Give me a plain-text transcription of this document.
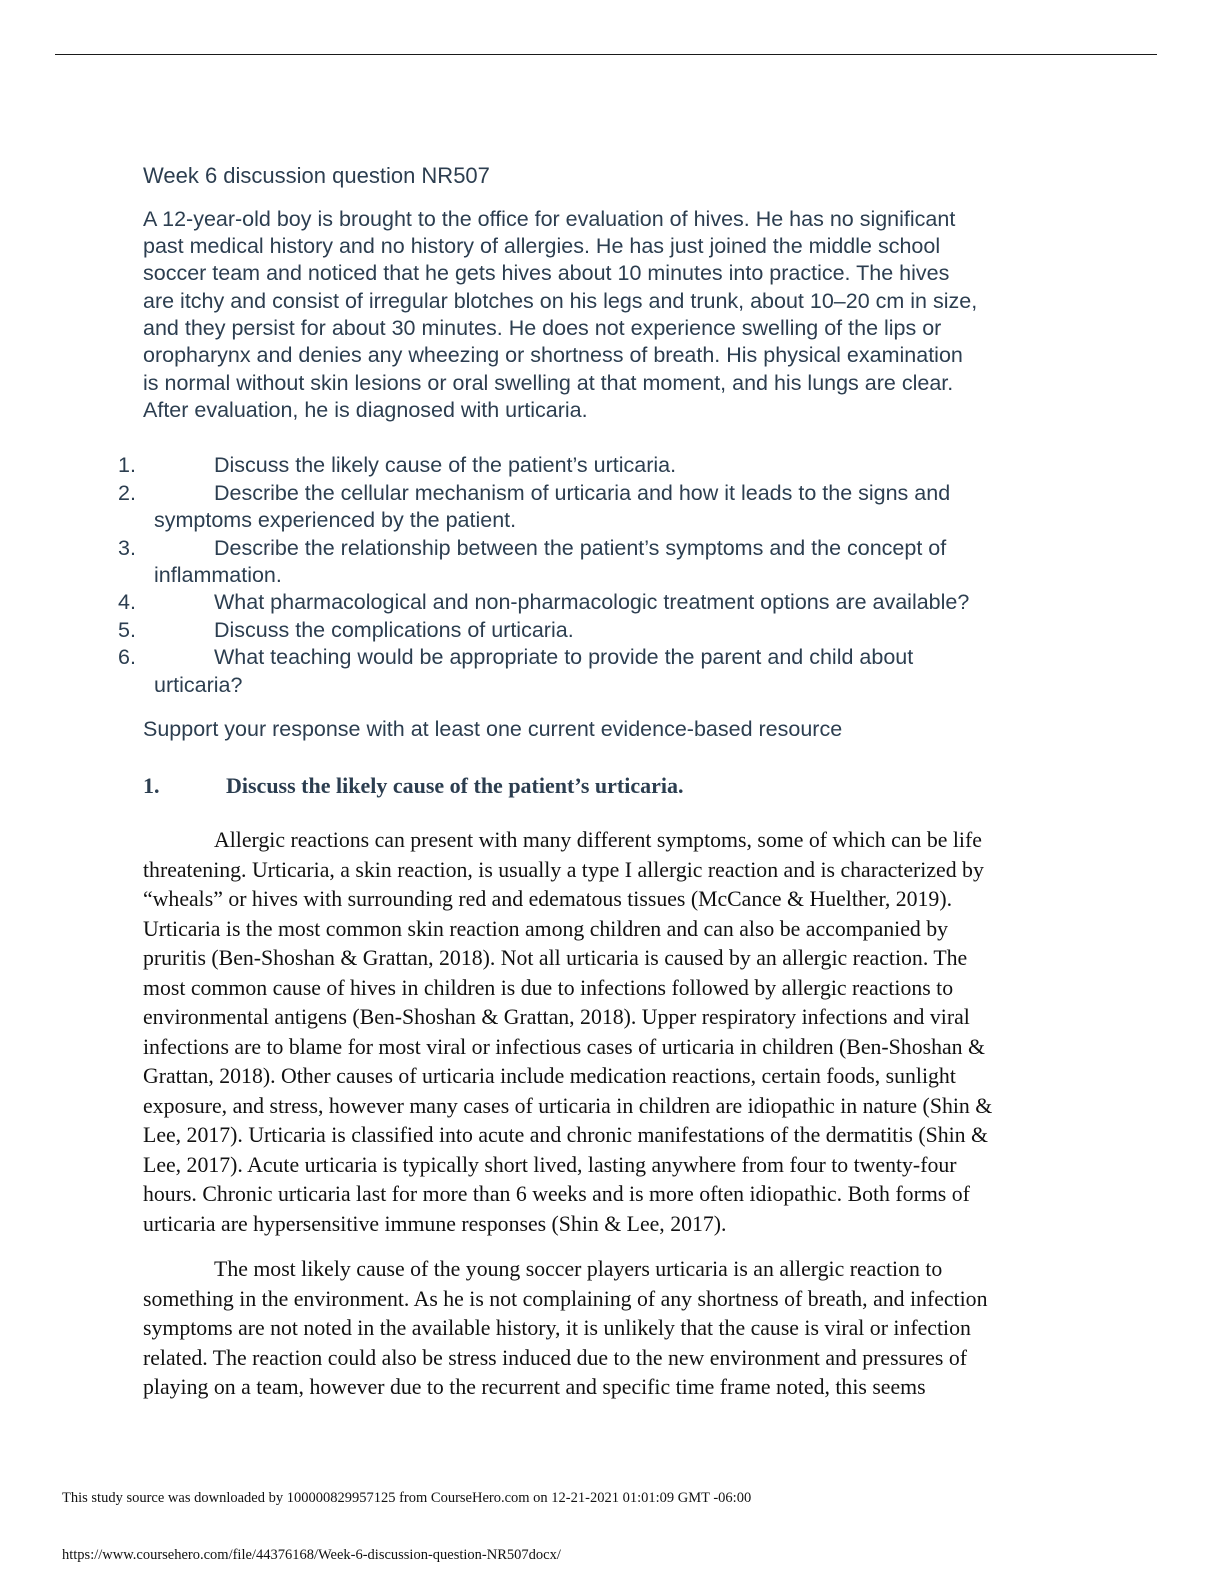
Week 6 discussion question NR507
A 12-year-old boy is brought to the office for evaluation of hives. He has no significant
past medical history and no history of allergies. He has just joined the middle school
soccer team and noticed that he gets hives about 10 minutes into practice. The hives
are itchy and consist of irregular blotches on his legs and trunk, about 10–20 cm in size,
and they persist for about 30 minutes. He does not experience swelling of the lips or
oropharynx and denies any wheezing or shortness of breath. His physical examination
is normal without skin lesions or oral swelling at that moment, and his lungs are clear.
After evaluation, he is diagnosed with urticaria.
1.	Discuss the likely cause of the patient’s urticaria.
2.	Describe the cellular mechanism of urticaria and how it leads to the signs and
symptoms experienced by the patient.
3.	Describe the relationship between the patient’s symptoms and the concept of
inflammation.
4.	What pharmacological and non-pharmacologic treatment options are available?
5.	Discuss the complications of urticaria.
6.	What teaching would be appropriate to provide the parent and child about
urticaria?
Support your response with at least one current evidence-based resource
1.	Discuss the likely cause of the patient’s urticaria.
Allergic reactions can present with many different symptoms, some of which can be life
threatening. Urticaria, a skin reaction, is usually a type I allergic reaction and is characterized by
“wheals” or hives with surrounding red and edematous tissues (McCance & Huelther, 2019).
Urticaria is the most common skin reaction among children and can also be accompanied by
pruritis (Ben-Shoshan & Grattan, 2018). Not all urticaria is caused by an allergic reaction. The
most common cause of hives in children is due to infections followed by allergic reactions to
environmental antigens (Ben-Shoshan & Grattan, 2018). Upper respiratory infections and viral
infections are to blame for most viral or infectious cases of urticaria in children (Ben-Shoshan &
Grattan, 2018). Other causes of urticaria include medication reactions, certain foods, sunlight
exposure, and stress, however many cases of urticaria in children are idiopathic in nature (Shin &
Lee, 2017). Urticaria is classified into acute and chronic manifestations of the dermatitis (Shin &
Lee, 2017). Acute urticaria is typically short lived, lasting anywhere from four to twenty-four
hours. Chronic urticaria last for more than 6 weeks and is more often idiopathic. Both forms of
urticaria are hypersensitive immune responses (Shin & Lee, 2017).
The most likely cause of the young soccer players urticaria is an allergic reaction to
something in the environment. As he is not complaining of any shortness of breath, and infection
symptoms are not noted in the available history, it is unlikely that the cause is viral or infection
related. The reaction could also be stress induced due to the new environment and pressures of
playing on a team, however due to the recurrent and specific time frame noted, this seems
This study source was downloaded by 100000829957125 from CourseHero.com on 12-21-2021 01:01:09 GMT -06:00
https://www.coursehero.com/file/44376168/Week-6-discussion-question-NR507docx/
